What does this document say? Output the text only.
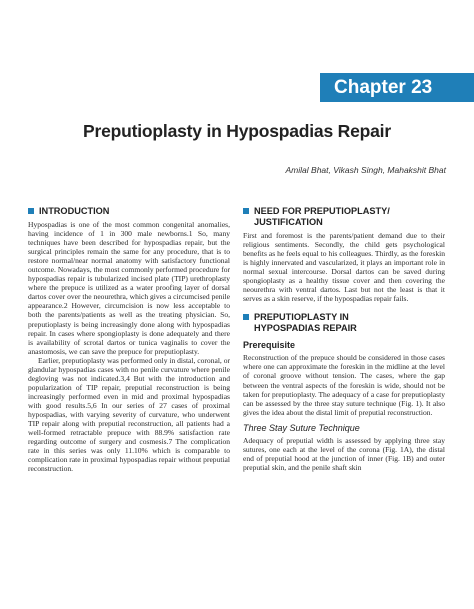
Chapter 23
Preputioplasty in Hypospadias Repair
Amilal Bhat, Vikash Singh, Mahakshit Bhat
INTRODUCTION

Hypospadias is one of the most common congenital anomalies, having incidence of 1 in 300 male newborns.1 So, many techniques have been described for hypospadias repair, but the surgical principles remain the same for any procedure, that is to restore normal/near normal anatomy with satisfactory functional outcome. Nowadays, the most commonly performed procedure for hypospadias repair is tubularized incised plate (TIP) urethroplasty where the prepuce is utilized as a water proofing layer of dorsal dartos cover over the neourethra, which gives a circumcised penile appearance.2 However, circumcision is now less acceptable to both the parents/patients as well as the treating physician. So, preputioplasty is being increasingly done along with hypospadias repair. In cases where spongioplasty is done adequately and there is availability of scrotal dartos or tunica vaginalis to cover the anastomosis, we can save the prepuce for preputioplasty.

Earlier, preputioplasty was performed only in distal, coronal, or glandular hypospadias cases with no penile curvature where penile degloving was not indicated.3,4 But with the introduction and popularization of TIP repair, preputial reconstruction is being increasingly performed even in mid and proximal hypospadias with good results.5,6 In our series of 27 cases of proximal hypospadias, with varying severity of curvature, who underwent TIP repair along with preputial reconstruction, all patients had a well-formed retractable prepuce with 88.9% satisfaction rate regarding outcome of surgery and cosmesis.7 The complication rate in this series was only 11.10% which is comparable to complication rate in proximal hypospadias repair without preputial reconstruction.

NEED FOR PREPUTIOPLASTY/
JUSTIFICATION

First and foremost is the parents/patient demand due to their religious sentiments. Secondly, the child gets psychological benefits as he feels equal to his colleagues. Thirdly, as the foreskin is highly innervated and vascularized, it plays an important role in normal sexual intercourse. Dorsal dartos can be saved during spongioplasty as a healthy tissue cover and then covering the neourethra with ventral dartos. Last but not the least is that it serves as a skin reserve, if the hypospadias repair fails.

PREPUTIOPLASTY IN
HYPOSPADIAS REPAIR
Prerequisite

Reconstruction of the prepuce should be considered in those cases where one can approximate the foreskin in the midline at the level of coronal groove without tension. The cases, where the gap between the ventral aspects of the foreskin is wide, should not be taken for preputioplasty. The adequacy of a case for preputioplasty can be assessed by the three stay suture technique (Fig. 1). It also gives the idea about the distal limit of preputial reconstruction.

Three Stay Suture Technique

Adequacy of preputial width is assessed by applying three stay sutures, one each at the level of the corona (Fig. 1A), the distal end of preputial hood at the junction of inner (Fig. 1B) and outer preputial skin, and the penile shaft skin
